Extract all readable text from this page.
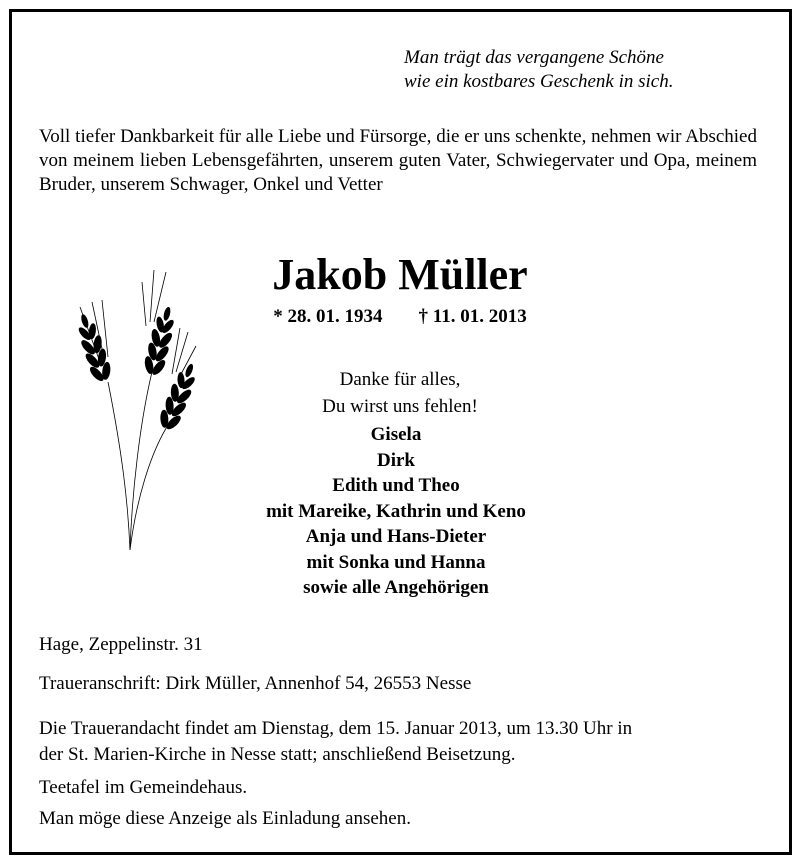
Man trägt das vergangene Schöne
wie ein kostbares Geschenk in sich.
Voll tiefer Dankbarkeit für alle Liebe und Fürsorge, die er uns schenkte, nehmen wir Abschied von meinem lieben Lebensgefährten, unserem guten Vater, Schwiegervater und Opa, meinem Bruder, unserem Schwager, Onkel und Vetter
Jakob Müller
* 28. 01. 1934 † 11. 01. 2013
Danke für alles,
Du wirst uns fehlen!
Gisela
Dirk
Edith und Theo
mit Mareike, Kathrin und Keno
Anja und Hans-Dieter
mit Sonka und Hanna
sowie alle Angehörigen
Hage, Zeppelinstr. 31
Traueranschrift: Dirk Müller, Annenhof 54, 26553 Nesse
Die Trauerandacht findet am Dienstag, dem 15. Januar 2013, um 13.30 Uhr in
der St. Marien-Kirche in Nesse statt; anschließend Beisetzung.
Teetafel im Gemeindehaus.
Man möge diese Anzeige als Einladung ansehen.
